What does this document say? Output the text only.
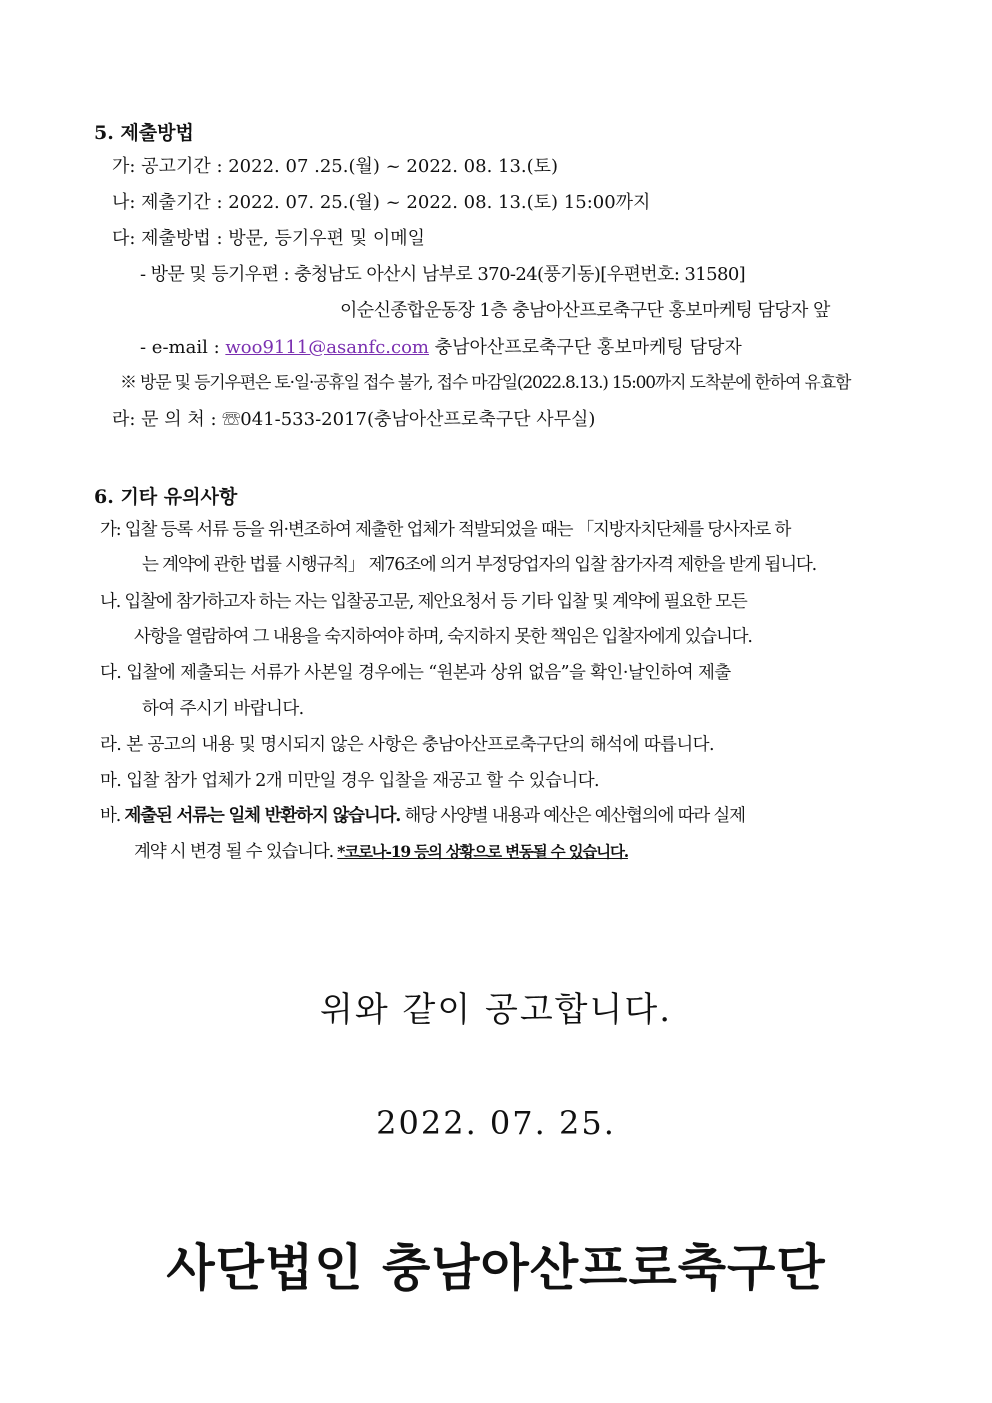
5. 제출방법
가: 공고기간 : 2022. 07 .25.(월) ~ 2022. 08. 13.(토)
나: 제출기간 : 2022. 07. 25.(월) ~ 2022. 08. 13.(토) 15:00까지
다: 제출방법 : 방문, 등기우편 및 이메일
- 방문 및 등기우편 : 충청남도 아산시 남부로 370-24(풍기동)[우편번호: 31580]
이순신종합운동장 1층 충남아산프로축구단 홍보마케팅 담당자 앞
- e-mail : woo9111@asanfc.com 충남아산프로축구단 홍보마케팅 담당자
※ 방문 및 등기우편은 토·일·공휴일 접수 불가, 접수 마감일(2022.8.13.) 15:00까지 도착분에 한하여 유효함
라: 문 의 처 : ☏041-533-2017(충남아산프로축구단 사무실)
6. 기타 유의사항
가: 입찰 등록 서류 등을 위·변조하여 제출한 업체가 적발되었을 때는 「지방자치단체를 당사자로 하
는 계약에 관한 법률 시행규칙」 제76조에 의거 부정당업자의 입찰 참가자격 제한을 받게 됩니다.
나. 입찰에 참가하고자 하는 자는 입찰공고문, 제안요청서 등 기타 입찰 및 계약에 필요한 모든
사항을 열람하여 그 내용을 숙지하여야 하며, 숙지하지 못한 책임은 입찰자에게 있습니다.
다. 입찰에 제출되는 서류가 사본일 경우에는 “원본과 상위 없음”을 확인·날인하여 제출
하여 주시기 바랍니다.
라. 본 공고의 내용 및 명시되지 않은 사항은 충남아산프로축구단의 해석에 따릅니다.
마. 입찰 참가 업체가 2개 미만일 경우 입찰을 재공고 할 수 있습니다.
바. 제출된 서류는 일체 반환하지 않습니다. 해당 사양별 내용과 예산은 예산협의에 따라 실제
계약 시 변경 될 수 있습니다. *코로나-19 등의 상황으로 변동될 수 있습니다.
위와 같이 공고합니다.
2022. 07. 25.
사단법인 충남아산프로축구단
